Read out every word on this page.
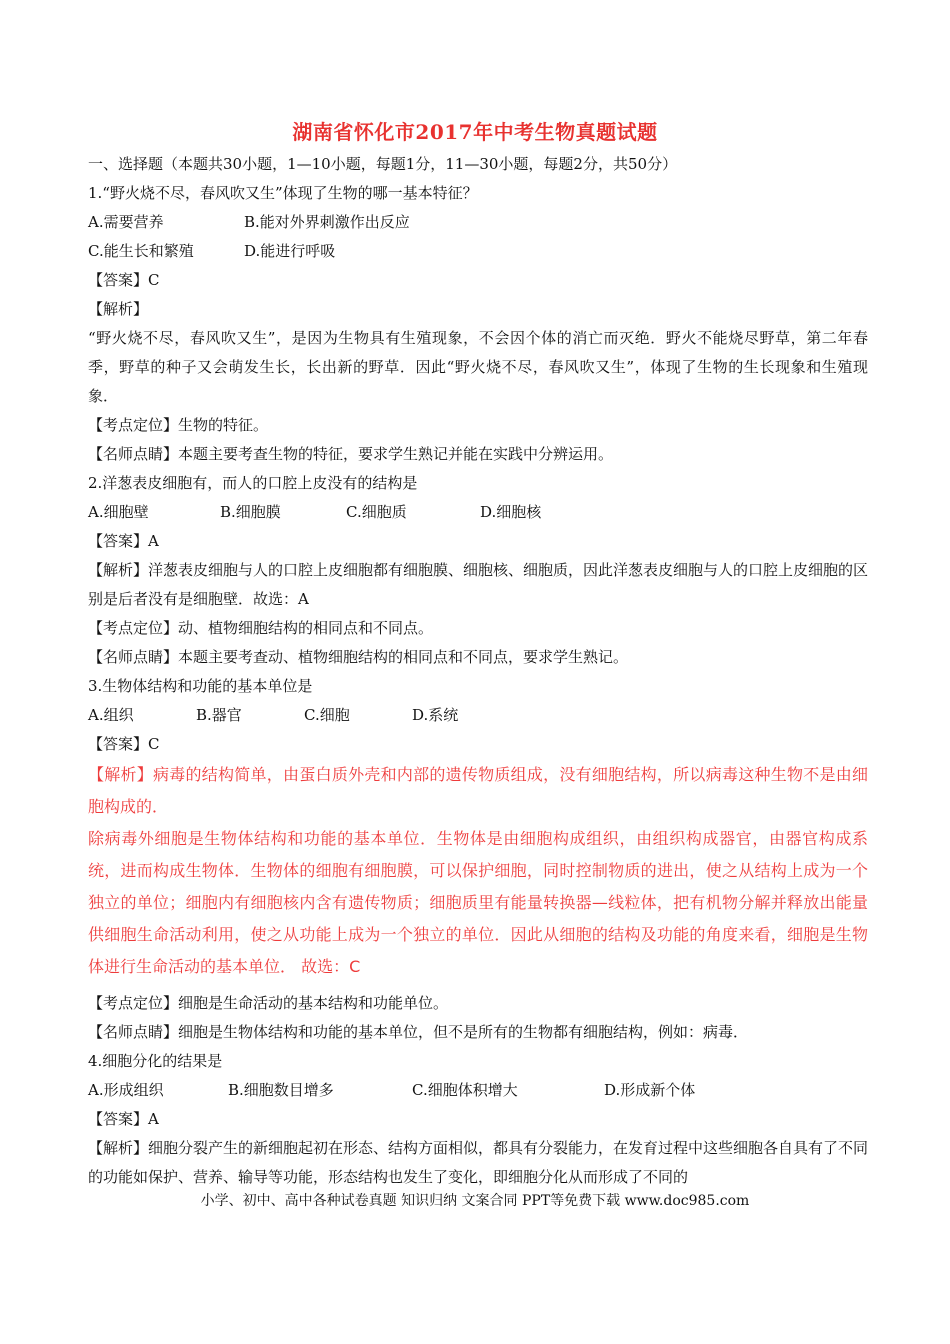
湖南省怀化市2017年中考生物真题试题
一、选择题（本题共30小题，1—10小题，每题1分，11—30小题，每题2分，共50分）
1.“野火烧不尽，春风吹又生”体现了生物的哪一基本特征？
A.需要营养	B.能对外界刺激作出反应
C.能生长和繁殖	D.能进行呼吸
【答案】C
【解析】
“野火烧不尽，春风吹又生”，是因为生物具有生殖现象，不会因个体的消亡而灭绝．野火不能烧尽野草，第二年春季，野草的种子又会萌发生长，长出新的野草．因此“野火烧不尽，春风吹又生”，体现了生物的生长现象和生殖现象．
【考点定位】生物的特征。
【名师点睛】本题主要考查生物的特征，要求学生熟记并能在实践中分辨运用。
2.洋葱表皮细胞有，而人的口腔上皮没有的结构是
A.细胞壁	B.细胞膜	C.细胞质	D.细胞核
【答案】A
【解析】洋葱表皮细胞与人的口腔上皮细胞都有细胞膜、细胞核、细胞质，因此洋葱表皮细胞与人的口腔上皮细胞的区别是后者没有是细胞壁．故选：A
【考点定位】动、植物细胞结构的相同点和不同点。
【名师点睛】本题主要考查动、植物细胞结构的相同点和不同点，要求学生熟记。
3.生物体结构和功能的基本单位是
A.组织	B.器官	C.细胞	D.系统
【答案】C
【解析】病毒的结构简单，由蛋白质外壳和内部的遗传物质组成，没有细胞结构，所以病毒这种生物不是由细胞构成的．
除病毒外细胞是生物体结构和功能的基本单位．生物体是由细胞构成组织，由组织构成器官，由器官构成系统，进而构成生物体．生物体的细胞有细胞膜，可以保护细胞，同时控制物质的进出，使之从结构上成为一个独立的单位；细胞内有细胞核内含有遗传物质；细胞质里有能量转换器—线粒体，把有机物分解并释放出能量供细胞生命活动利用，使之从功能上成为一个独立的单位．因此从细胞的结构及功能的角度来看，细胞是生物体进行生命活动的基本单位． 故选：C
【考点定位】细胞是生命活动的基本结构和功能单位。
【名师点睛】细胞是生物体结构和功能的基本单位，但不是所有的生物都有细胞结构，例如：病毒．
4.细胞分化的结果是
A.形成组织	B.细胞数目增多	C.细胞体积增大	D.形成新个体
【答案】A
【解析】细胞分裂产生的新细胞起初在形态、结构方面相似，都具有分裂能力，在发育过程中这些细胞各自具有了不同的功能如保护、营养、输导等功能，形态结构也发生了变化，即细胞分化从而形成了不同的
小学、初中、高中各种试卷真题 知识归纳 文案合同 PPT等免费下载 www.doc985.com
